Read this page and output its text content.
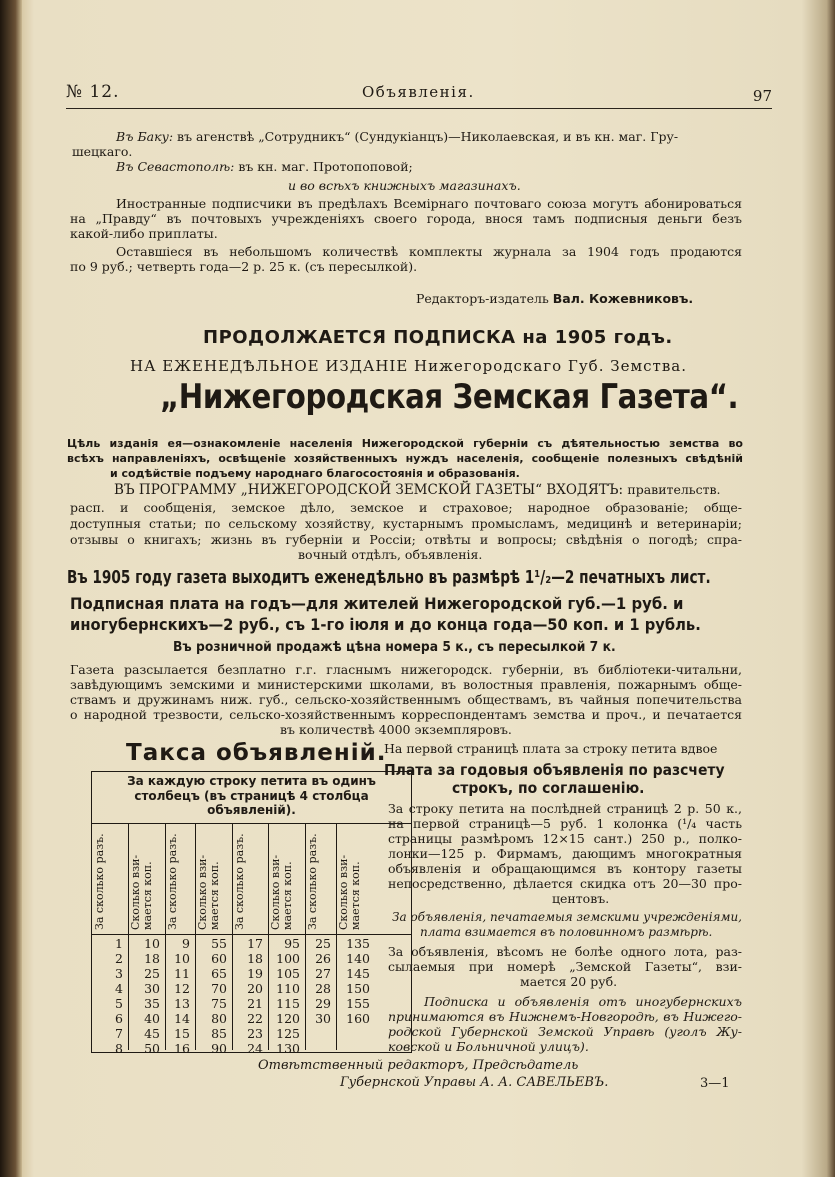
№ 12.	Объявленія.	97
Въ Баку: въ агенствѣ „Сотрудникъ“ (Сундукіанцъ)—Николаевская, и въ кн. маг. Гру-
шецкаго.
Въ Севастополѣ: въ кн. маг. Протопоповой;
и во всѣхъ книжныхъ магазинахъ.
Иностранные подписчики въ предѣлахъ Всемірнаго почтоваго союза могутъ абонироваться
на „Правду“ въ почтовыхъ учрежденіяхъ своего города, внося тамъ подписныя деньги безъ
какой-либо приплаты.
Оставшіеся въ небольшомъ количествѣ комплекты журнала за 1904 годъ продаются
по 9 руб.; четверть года—2 р. 25 к. (съ пересылкой).
Редакторъ-издатель Вал. Кожевниковъ.
ПРОДОЛЖАЕТСЯ ПОДПИСКА на 1905 годъ.
НА ЕЖЕНЕДѢЛЬНОЕ ИЗДАНІЕ Нижегородскаго Губ. Земства.
„Нижегородская Земская Газета“.
Цѣль изданія ея—ознакомленіе населенія Нижегородской губерніи съ дѣятельностью земства во
всѣхъ направленіяхъ, освѣщеніе хозяйственныхъ нуждъ населенія, сообщеніе полезныхъ свѣдѣній
и содѣйствіе подъему народнаго благосостоянія и образованія.
ВЪ ПРОГРАММУ „НИЖЕГОРОДСКОЙ ЗЕМСКОЙ ГАЗЕТЫ“ ВХОДЯТЪ: правительств.
расп. и сообщенія, земское дѣло, земское и страховое; народное образованіе; обще-
доступныя статьи; по сельскому хозяйству, кустарнымъ промысламъ, медицинѣ и ветеринаріи;
отзывы о книгахъ; жизнь въ губерніи и Россіи; отвѣты и вопросы; свѣдѣнія о погодѣ; спра-
вочный отдѣлъ, объявленія.
Въ 1905 году газета выходитъ еженедѣльно въ размѣрѣ 1¹/₂—2 печатныхъ лист.
Подписная плата на годъ—для жителей Нижегородской губ.—1 руб. и
иногубернскихъ—2 руб., съ 1-го іюля и до конца года—50 коп. и 1 рубль.
Въ розничной продажѣ цѣна номера 5 к., съ пересылкой 7 к.
Газета разсылается безплатно г.г. гласнымъ нижегородск. губерніи, въ библіотеки-читальни,
завѣдующимъ земскими и министерскими школами, въ волостныя правленія, пожарнымъ обще-
ствамъ и дружинамъ ниж. губ., сельско-хозяйственнымъ обществамъ, въ чайныя попечительства
о народной трезвости, сельско-хозяйственнымъ корреспондентамъ земства и проч., и печатается
въ количествѣ 4000 экземпляровъ.
Такса объявленій.
За каждую строку петита въ одинъ
столбецъ (въ страницѣ 4 столбца
объявленій).
За сколько разъ.	Сколько взи-мается коп.	За сколько разъ.	Сколько взи-мается коп.	За сколько разъ.	Сколько взи-мается коп.	За сколько разъ.	Сколько взи-мается коп.
1	10	9	55	17	95	25	135
2	18	10	60	18	100	26	140
3	25	11	65	19	105	27	145
4	30	12	70	20	110	28	150
5	35	13	75	21	115	29	155
6	40	14	80	22	120	30	160
7	45	15	85	23	125
8	50	16	90	24	130
На первой страницѣ плата за строку петита вдвое
Плата за годовыя объявленія по разсчету
строкъ, по соглашенію.
За строку петита на послѣдней страницѣ 2 р. 50 к.,
на первой страницѣ—5 руб. 1 колонка (¹/₄ часть
страницы размѣромъ 12×15 сант.) 250 р., полко-
лонки—125 р. Фирмамъ, дающимъ многократныя
объявленія и обращающимся въ контору газеты
непосредственно, дѣлается скидка отъ 20—30 про-
центовъ.
За объявленія, печатаемыя земскими учрежденіями,
плата взимается въ половинномъ размѣрѣ.
За объявленія, вѣсомъ не болѣе одного лота, раз-
сылаемыя при номерѣ „Земской Газеты“, взи-
мается 20 руб.
Подписка и объявленія отъ иногубернскихъ
принимаются въ Нижнемъ-Новгородѣ, въ Нижего-
родской Губернской Земской Управѣ (уголъ Жу-
ковской и Больничной улицъ).
Отвѣтственный редакторъ, Предсѣдатель
Губернской Управы А. А. САВЕЛЬЕВЪ.	3—1
